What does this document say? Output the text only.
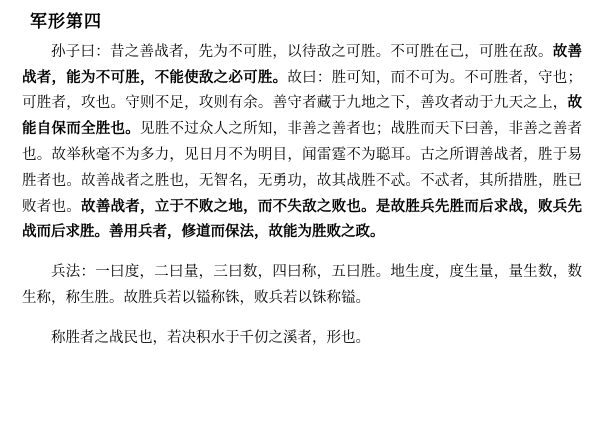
军形第四

孙子曰：昔之善战者，先为不可胜，以待敌之可胜。不可胜在己，可胜在敌。故善战者，能为不可胜，不能使敌之必可胜。故曰：胜可知，而不可为。不可胜者，守也；可胜者，攻也。守则不足，攻则有余。善守者藏于九地之下，善攻者动于九天之上，故能自保而全胜也。见胜不过众人之所知，非善之善者也；战胜而天下曰善，非善之善者也。故举秋毫不为多力，见日月不为明目，闻雷霆不为聪耳。古之所谓善战者，胜于易胜者也。故善战者之胜也，无智名，无勇功，故其战胜不忒。不忒者，其所措胜，胜已败者也。故善战者，立于不败之地，而不失敌之败也。是故胜兵先胜而后求战，败兵先战而后求胜。善用兵者，修道而保法，故能为胜败之政。

兵法：一曰度，二曰量，三曰数，四曰称，五曰胜。地生度，度生量，量生数，数生称，称生胜。故胜兵若以镒称铢，败兵若以铢称镒。

称胜者之战民也，若决积水于千仞之溪者，形也。
